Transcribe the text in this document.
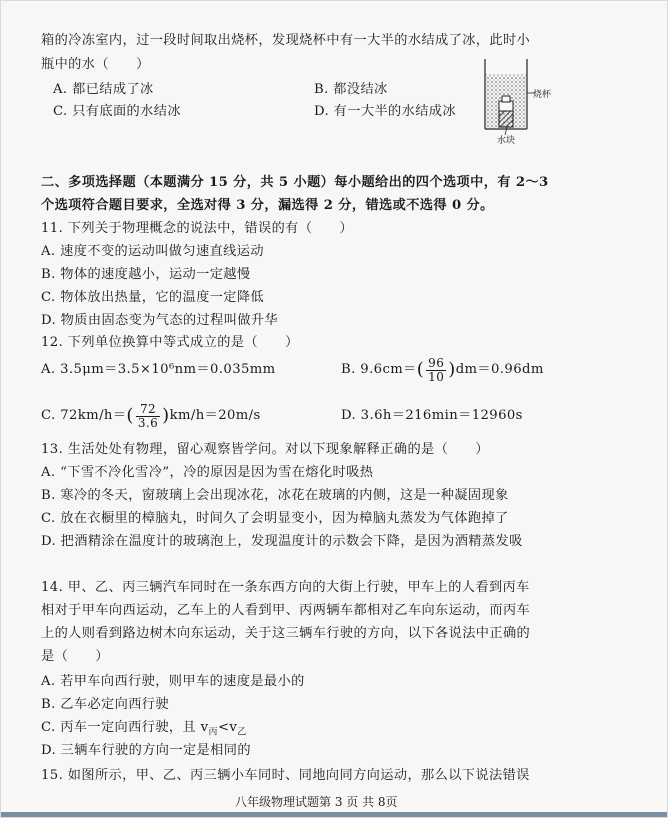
箱的冷冻室内，过一段时间取出烧杯，发现烧杯中有一大半的水结成了冰，此时小
瓶中的水（　　）
A. 都已结成了冰	B. 都没结冰
C. 只有底面的水结冰	D. 有一大半的水结成冰
烧杯
水块
二、多项选择题（本题满分 15 分，共 5 小题）每小题给出的四个选项中，有 2～3
个选项符合题目要求，全选对得 3 分，漏选得 2 分，错选或不选得 0 分。
11. 下列关于物理概念的说法中，错误的有（　　）
A. 速度不变的运动叫做匀速直线运动
B. 物体的速度越小，运动一定越慢
C. 物体放出热量，它的温度一定降低
D. 物质由固态变为气态的过程叫做升华
12. 下列单位换算中等式成立的是（　　）
A. 3.5μm＝3.5×10⁶nm＝0.035mm	B. 9.6cm＝ ( $\frac{96}{10}$ ) dm＝0.96dm
C. 72km/h＝ ( $\frac{72}{3.6}$ ) km/h＝20m/s	D. 3.6h＝216min＝12960s
13. 生活处处有物理，留心观察皆学问。对以下现象解释正确的是（　　）
A. “下雪不冷化雪冷”，冷的原因是因为雪在熔化时吸热
B. 寒冷的冬天，窗玻璃上会出现冰花，冰花在玻璃的内侧，这是一种凝固现象
C. 放在衣橱里的樟脑丸，时间久了会明显变小，因为樟脑丸蒸发为气体跑掉了
D. 把酒精涂在温度计的玻璃泡上，发现温度计的示数会下降，是因为酒精蒸发吸
14. 甲、乙、丙三辆汽车同时在一条东西方向的大街上行驶，甲车上的人看到丙车
相对于甲车向西运动，乙车上的人看到甲、丙两辆车都相对乙车向东运动，而丙车
上的人则看到路边树木向东运动，关于这三辆车行驶的方向，以下各说法中正确的
是（　　）
A. 若甲车向西行驶，则甲车的速度是最小的
B. 乙车必定向西行驶
C. 丙车一定向西行驶，且 $v_丙<v_乙$
D. 三辆车行驶的方向一定是相同的
15. 如图所示，甲、乙、丙三辆小车同时、同地向同方向运动，那么以下说法错误
八年级物理试题第 3 页 共 8页
